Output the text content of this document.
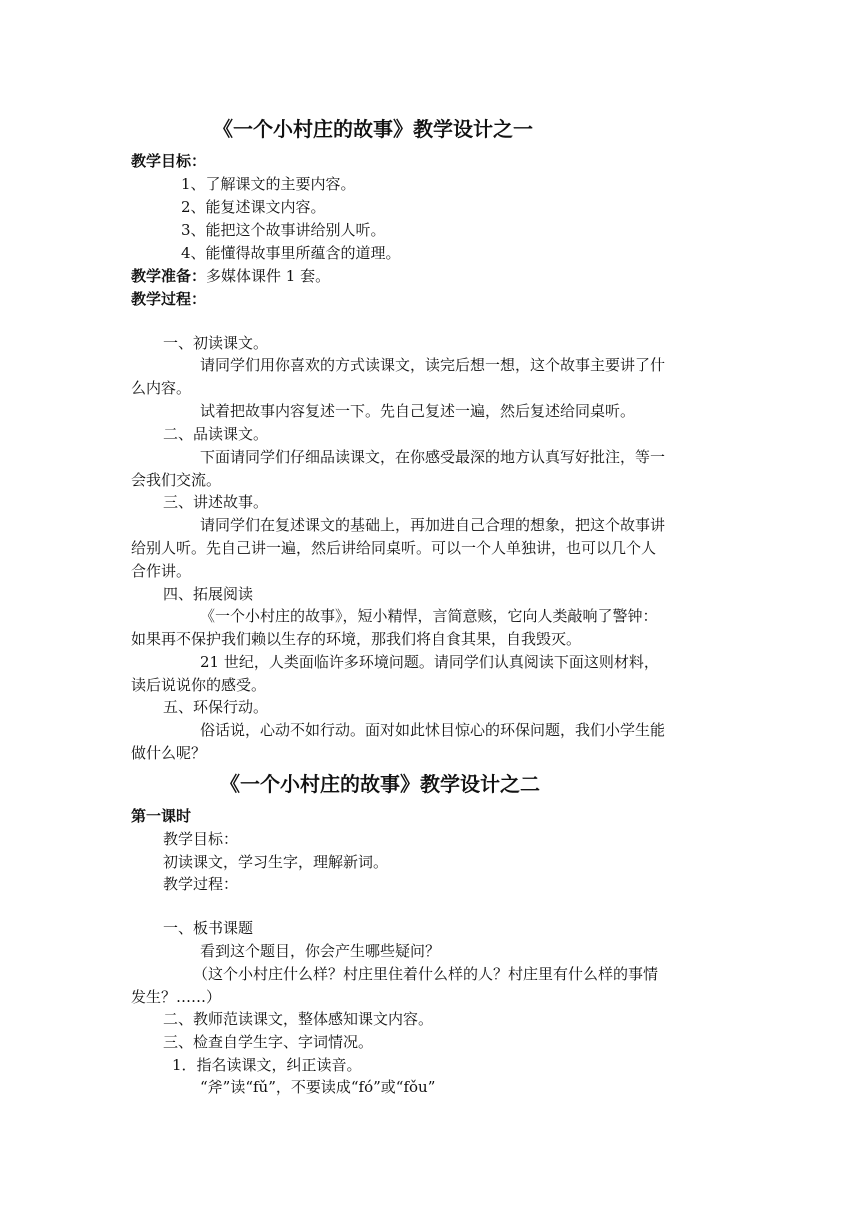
《一个小村庄的故事》教学设计之一
教学目标：
1、了解课文的主要内容。
2、能复述课文内容。
3、能把这个故事讲给别人听。
4、能懂得故事里所蕴含的道理。
教学准备：多媒体课件 1 套。
教学过程：
一、初读课文。
请同学们用你喜欢的方式读课文，读完后想一想，这个故事主要讲了什
么内容。
试着把故事内容复述一下。先自己复述一遍，然后复述给同桌听。
二、品读课文。
下面请同学们仔细品读课文，在你感受最深的地方认真写好批注，等一
会我们交流。
三、讲述故事。
请同学们在复述课文的基础上，再加进自己合理的想象，把这个故事讲
给别人听。先自己讲一遍，然后讲给同桌听。可以一个人单独讲，也可以几个人
合作讲。
四、拓展阅读
《一个小村庄的故事》，短小精悍，言简意赅，它向人类敲响了警钟：
如果再不保护我们赖以生存的环境，那我们将自食其果，自我毁灭。
21 世纪，人类面临许多环境问题。请同学们认真阅读下面这则材料，
读后说说你的感受。
五、环保行动。
俗话说，心动不如行动。面对如此怵目惊心的环保问题，我们小学生能
做什么呢？
《一个小村庄的故事》教学设计之二
第一课时
教学目标：
初读课文，学习生字，理解新词。
教学过程：
一、板书课题
看到这个题目，你会产生哪些疑问？
（这个小村庄什么样？村庄里住着什么样的人？村庄里有什么样的事情
发生？……）
二、教师范读课文，整体感知课文内容。
三、检查自学生字、字词情况。
1．指名读课文，纠正读音。
“斧”读“fǔ”，不要读成“fó”或“fǒu”
